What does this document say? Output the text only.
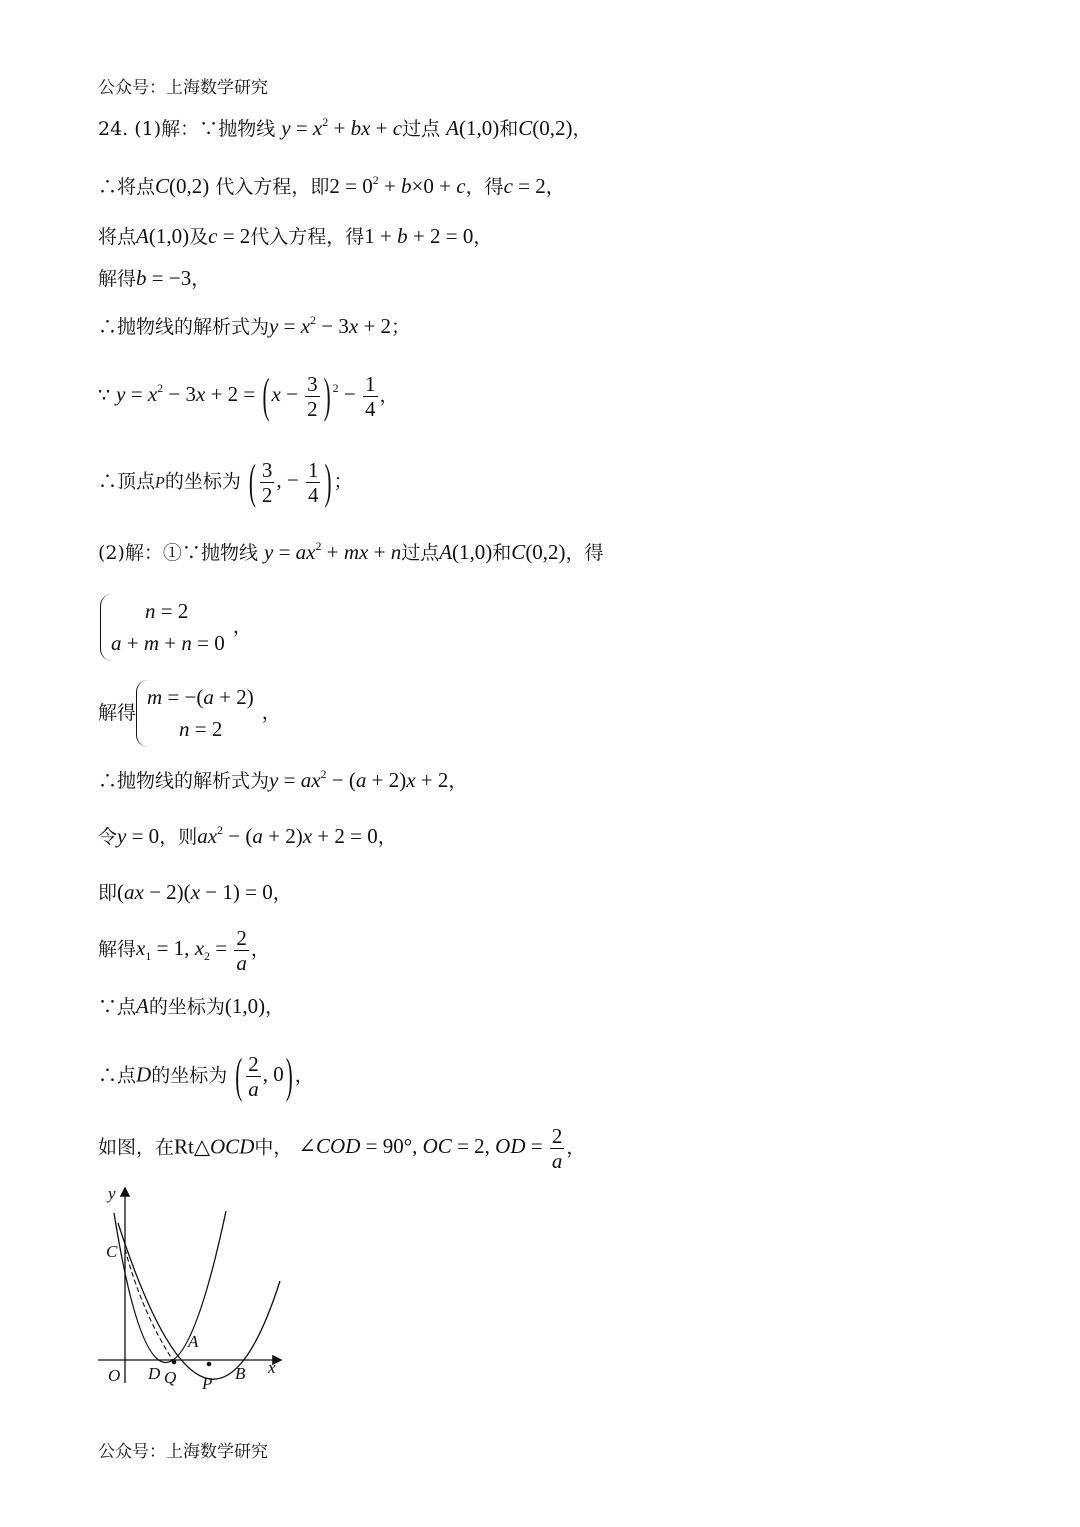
公众号：上海数学研究
24. (1)解：∵抛物线 $y = x^2$ + bx + c过点 A(1,0)和C(0,2)，
∴将点C(0,2) 代入方程，即$2 = 0^2 + b\times 0 + c$，得c = 2，
将点A(1,0)及c = 2代入方程，得1 + b + 2 = 0，
解得b = −3，
∴抛物线的解析式为$y = x^2 - 3x + 2$；
∵ $y = x^2 - 3x + 2 = (x - \frac{3}{2}$ ) $^2 - \frac{1}{4}$ ，
∴顶点P的坐标为 ( $\frac{3}{2}$ , − $\frac{1}{4}$ ) ；
(2)解：①∵抛物线 $y = ax^2$ + mx + n过点A(1,0)和C(0,2)，得
n = 2
a + m + n = 0
，
解得
m = −(a + 2)
n = 2
，
∴抛物线的解析式为$y = ax^2 - (a + 2)x + 2$，
令y = 0，则$ax^2 - (a + 2)x + 2 = 0$，
即(ax − 2)(x − 1) = 0，
解得$x_1 = 1$, $x_2 = \frac{2}{a}$ ，
∵点A的坐标为(1,0)，
∴点D的坐标为 ( $\frac{2}{a}$ , 0) ，
如图，在Rt△OCD中， ∠COD = 90°, OC = 2, OD = $\frac{2}{a}$ ，
y
x
C
O D Q
A
P
B
公众号：上海数学研究
